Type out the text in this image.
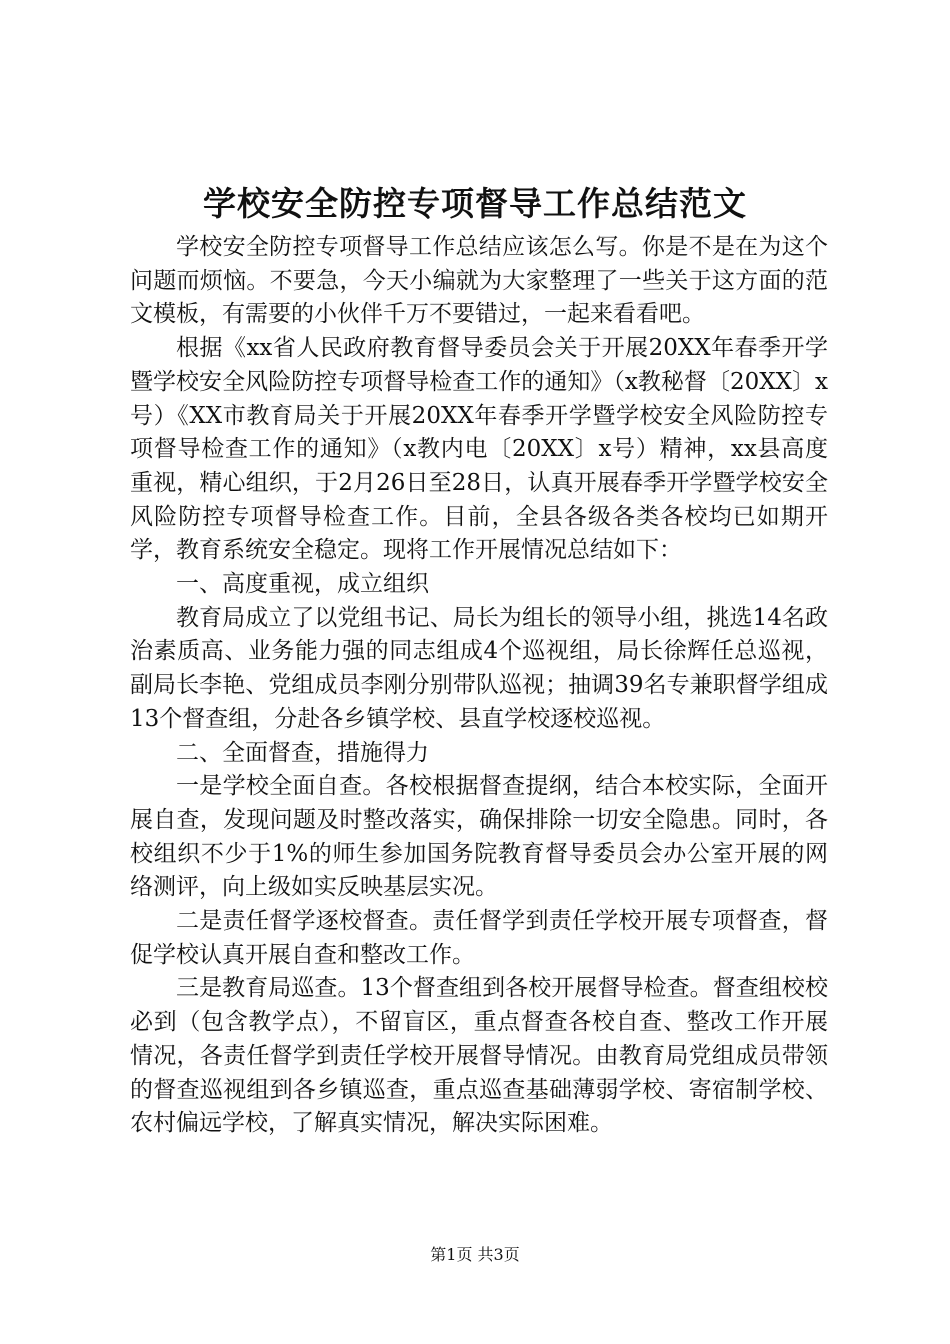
学校安全防控专项督导工作总结范文

学校安全防控专项督导工作总结应该怎么写。你是不是在为这个问题而烦恼。不要急，今天小编就为大家整理了一些关于这方面的范文模板，有需要的小伙伴千万不要错过，一起来看看吧。

根据《xx省人民政府教育督导委员会关于开展20XX年春季开学暨学校安全风险防控专项督导检查工作的通知》（x教秘督〔20XX〕x号）《XX市教育局关于开展20XX年春季开学暨学校安全风险防控专项督导检查工作的通知》（x教内电〔20XX〕x号）精神，xx县高度重视，精心组织，于2月26日至28日，认真开展春季开学暨学校安全风险防控专项督导检查工作。目前，全县各级各类各校均已如期开学，教育系统安全稳定。现将工作开展情况总结如下：

一、高度重视，成立组织

教育局成立了以党组书记、局长为组长的领导小组，挑选14名政治素质高、业务能力强的同志组成4个巡视组，局长徐辉任总巡视，副局长李艳、党组成员李刚分别带队巡视；抽调39名专兼职督学组成13个督查组，分赴各乡镇学校、县直学校逐校巡视。

二、全面督查，措施得力

一是学校全面自查。各校根据督查提纲，结合本校实际，全面开展自查，发现问题及时整改落实，确保排除一切安全隐患。同时，各校组织不少于1%的师生参加国务院教育督导委员会办公室开展的网络测评，向上级如实反映基层实况。

二是责任督学逐校督查。责任督学到责任学校开展专项督查，督促学校认真开展自查和整改工作。

三是教育局巡查。13个督查组到各校开展督导检查。督查组校校必到（包含教学点），不留盲区，重点督查各校自查、整改工作开展情况，各责任督学到责任学校开展督导情况。由教育局党组成员带领的督查巡视组到各乡镇巡查，重点巡查基础薄弱学校、寄宿制学校、农村偏远学校，了解真实情况，解决实际困难。

第1页 共3页
